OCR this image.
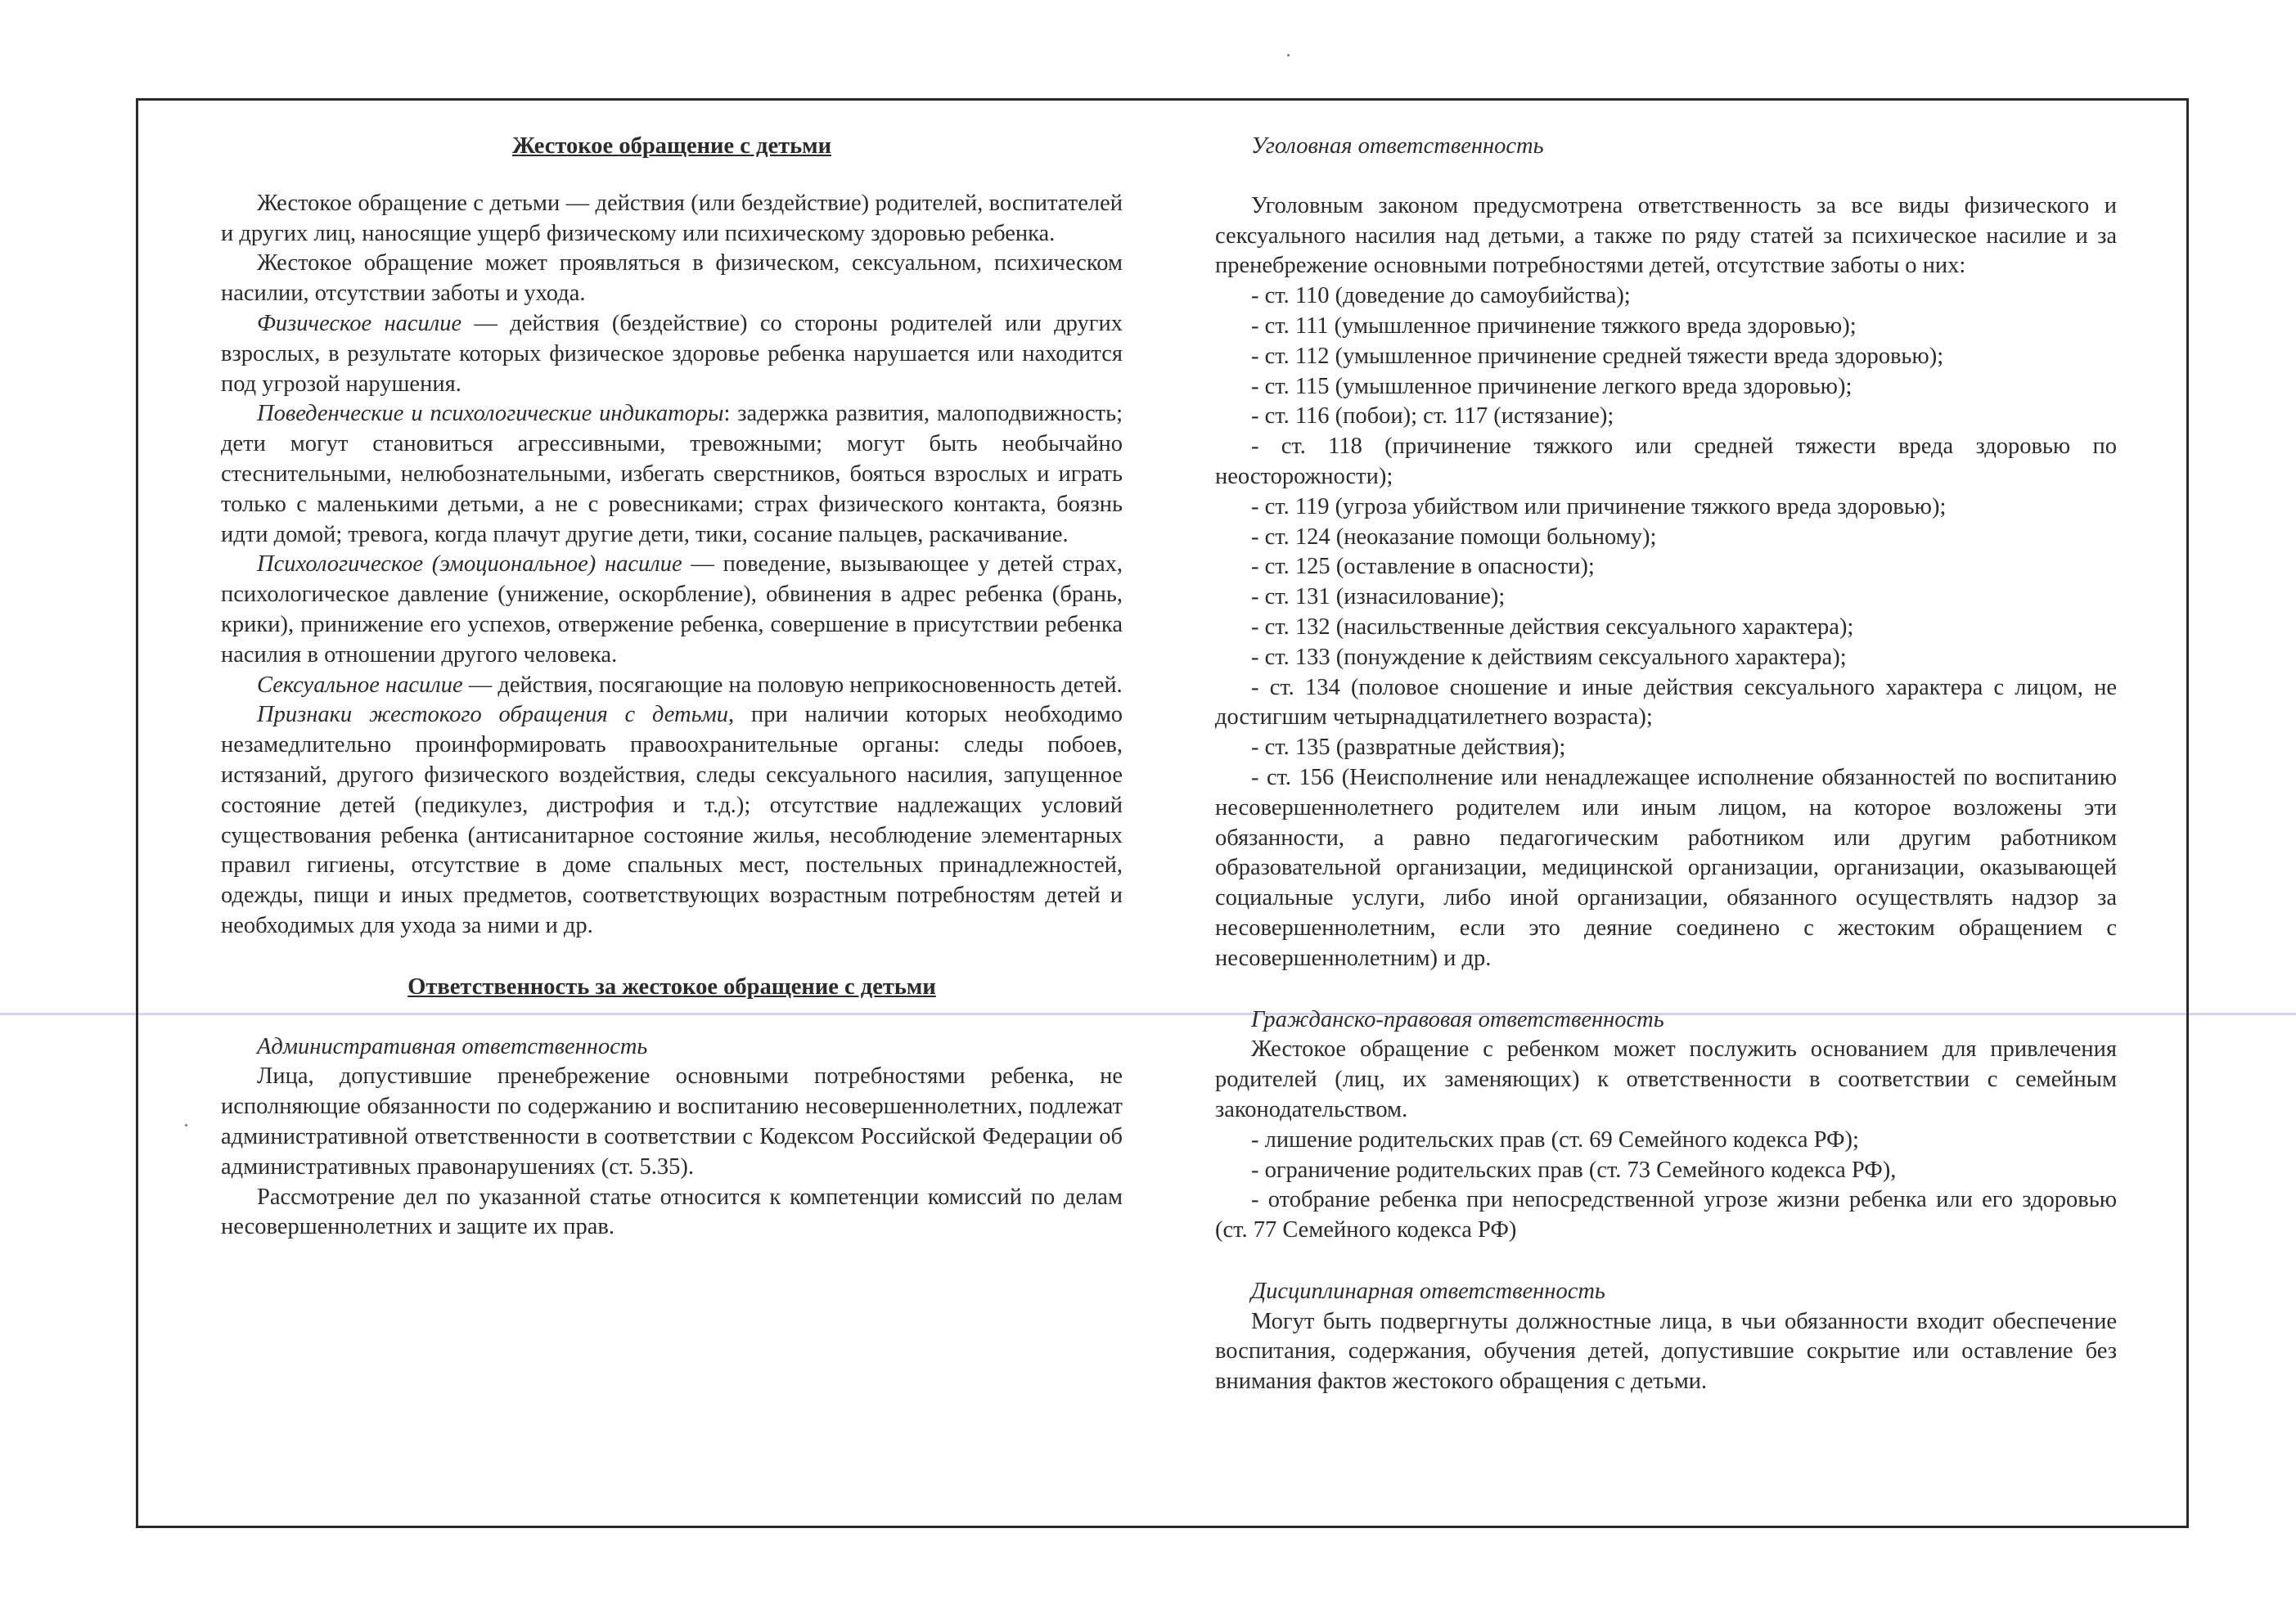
Жестокое обращение с детьми

Жестокое обращение с детьми — действия (или бездействие) родителей, воспитателей и других лиц, наносящие ущерб физическому или психическому здоровью ребенка.

Жестокое обращение может проявляться в физическом, сексуальном, психическом насилии, отсутствии заботы и ухода.

Физическое насилие — действия (бездействие) со стороны родителей или других взрослых, в результате которых физическое здоровье ребенка нарушается или находится под угрозой нарушения.

Поведенческие и психологические индикаторы: задержка развития, малоподвижность; дети могут становиться агрессивными, тревожными; могут быть необычайно стеснительными, нелюбознательными, избегать сверстников, бояться взрослых и играть только с маленькими детьми, а не с ровесниками; страх физического контакта, боязнь идти домой; тревога, когда плачут другие дети, тики, сосание пальцев, раскачивание.

Психологическое (эмоциональное) насилие — поведение, вызывающее у детей страх, психологическое давление (унижение, оскорбление), обвинения в адрес ребенка (брань, крики), принижение его успехов, отвержение ребенка, совершение в присутствии ребенка насилия в отношении другого человека.

Сексуальное насилие — действия, посягающие на половую неприкосновенность детей.

Признаки жестокого обращения с детьми, при наличии которых необходимо незамедлительно проинформировать правоохранительные органы: следы побоев, истязаний, другого физического воздействия, следы сексуального насилия, запущенное состояние детей (педикулез, дистрофия и т.д.); отсутствие надлежащих условий существования ребенка (антисанитарное состояние жилья, несоблюдение элементарных правил гигиены, отсутствие в доме спальных мест, постельных принадлежностей, одежды, пищи и иных предметов, соответствующих возрастным потребностям детей и необходимых для ухода за ними и др.

Ответственность за жестокое обращение с детьми

Административная ответственность

Лица, допустившие пренебрежение основными потребностями ребенка, не исполняющие обязанности по содержанию и воспитанию несовершеннолетних, подлежат административной ответственности в соответствии с Кодексом Российской Федерации об административных правонарушениях (ст. 5.35).

Рассмотрение дел по указанной статье относится к компетенции комиссий по делам несовершеннолетних и защите их прав.

Уголовная ответственность

Уголовным законом предусмотрена ответственность за все виды физического и сексуального насилия над детьми, а также по ряду статей за психическое насилие и за пренебрежение основными потребностями детей, отсутствие заботы о них:

- ст. 110 (доведение до самоубийства);

- ст. 111 (умышленное причинение тяжкого вреда здоровью);

- ст. 112 (умышленное причинение средней тяжести вреда здоровью);

- ст. 115 (умышленное причинение легкого вреда здоровью);

- ст. 116 (побои); ст. 117 (истязание);

- ст. 118 (причинение тяжкого или средней тяжести вреда здоровью по неосторожности);

- ст. 119 (угроза убийством или причинение тяжкого вреда здоровью);

- ст. 124 (неоказание помощи больному);

- ст. 125 (оставление в опасности);

- ст. 131 (изнасилование);

- ст. 132 (насильственные действия сексуального характера);

- ст. 133 (понуждение к действиям сексуального характера);

- ст. 134 (половое сношение и иные действия сексуального характера с лицом, не достигшим четырнадцатилетнего возраста);

- ст. 135 (развратные действия);

- ст. 156 (Неисполнение или ненадлежащее исполнение обязанностей по воспитанию несовершеннолетнего родителем или иным лицом, на которое возложены эти обязанности, а равно педагогическим работником или другим работником образовательной организации, медицинской организации, организации, оказывающей социальные услуги, либо иной организации, обязанного осуществлять надзор за несовершеннолетним, если это деяние соединено с жестоким обращением с несовершеннолетним) и др.

Гражданско-правовая ответственность

Жестокое обращение с ребенком может послужить основанием для привлечения родителей (лиц, их заменяющих) к ответственности в соответствии с семейным законодательством.

- лишение родительских прав (ст. 69 Семейного кодекса РФ);

- ограничение родительских прав (ст. 73 Семейного кодекса РФ),

- отобрание ребенка при непосредственной угрозе жизни ребенка или его здоровью (ст. 77 Семейного кодекса РФ)

Дисциплинарная ответственность

Могут быть подвергнуты должностные лица, в чьи обязанности входит обеспечение воспитания, содержания, обучения детей, допустившие сокрытие или оставление без внимания фактов жестокого обращения с детьми.
